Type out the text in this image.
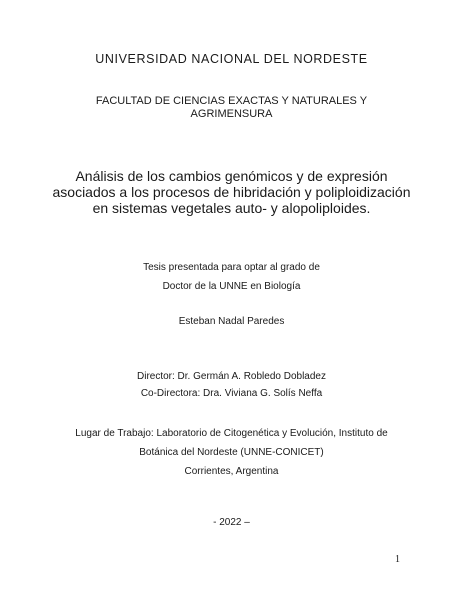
UNIVERSIDAD NACIONAL DEL NORDESTE
FACULTAD DE CIENCIAS EXACTAS Y NATURALES Y AGRIMENSURA
Análisis de los cambios genómicos y de expresión
asociados a los procesos de hibridación y poliploidización
en sistemas vegetales auto- y alopoliploides.
Tesis presentada para optar al grado de
Doctor de la UNNE en Biología
Esteban Nadal Paredes
Director: Dr. Germán A. Robledo Dobladez
Co-Directora: Dra. Viviana G. Solís Neffa
Lugar de Trabajo: Laboratorio de Citogenética y Evolución, Instituto de
Botánica del Nordeste (UNNE-CONICET)
Corrientes, Argentina
- 2022 –
1
